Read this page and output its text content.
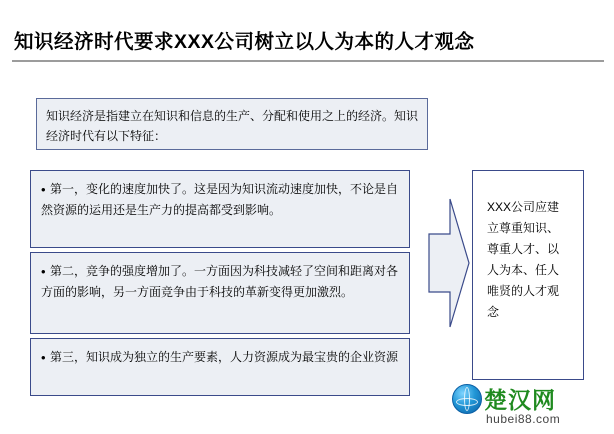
知识经济时代要求XXX公司树立以人为本的人才观念
知识经济是指建立在知识和信息的生产、分配和使用之上的经济。知识经济时代有以下特征：
• 第一，变化的速度加快了。这是因为知识流动速度加快，不论是自然资源的运用还是生产力的提高都受到影响。
• 第二，竞争的强度增加了。一方面因为科技减轻了空间和距离对各方面的影响，另一方面竞争由于科技的革新变得更加激烈。
• 第三，知识成为独立的生产要素，人力资源成为最宝贵的企业资源
XXX公司应建立尊重知识、尊重人才、以人为本、任人唯贤的人才观念
楚汉网
hubei88.com
